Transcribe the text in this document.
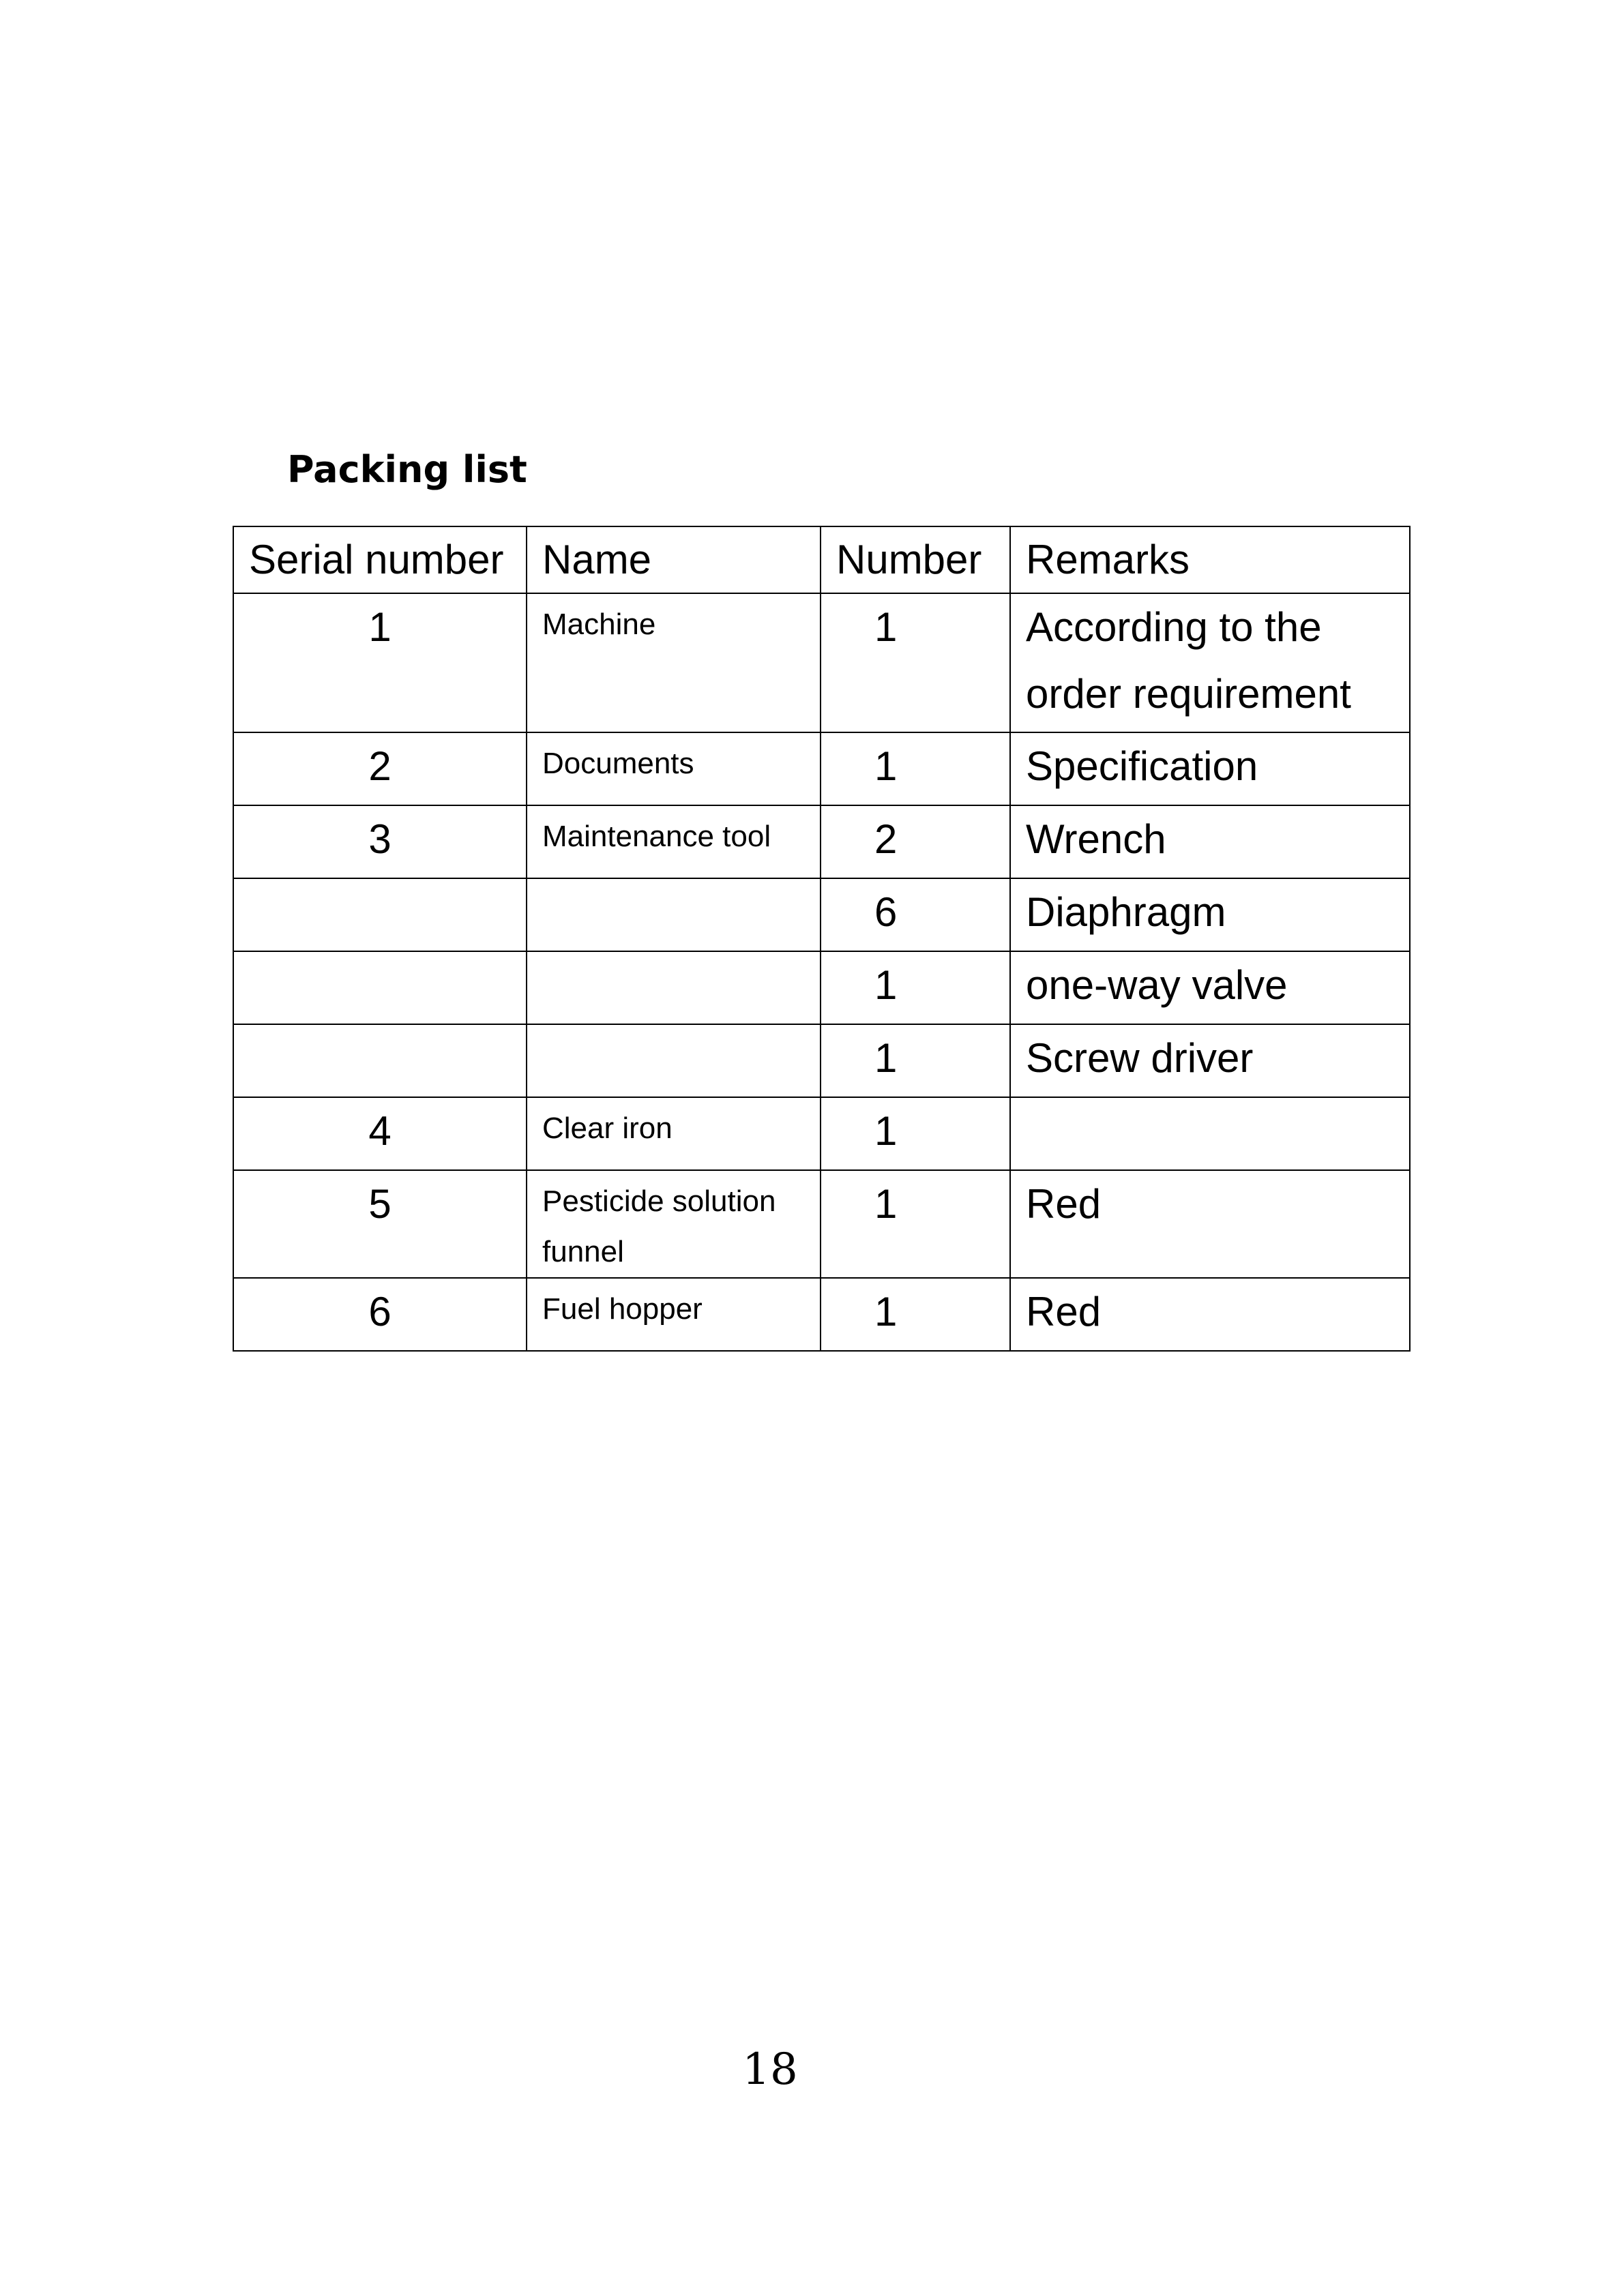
Packing list
Serial number	Name	Number	Remarks
1	Machine	1	According to the order requirement
2	Documents	1	Specification
3	Maintenance tool	2	Wrench
		6	Diaphragm
		1	one-way valve
		1	Screw driver
4	Clear iron	1	
5	Pesticide solution funnel	1	Red
6	Fuel hopper	1	Red
18
